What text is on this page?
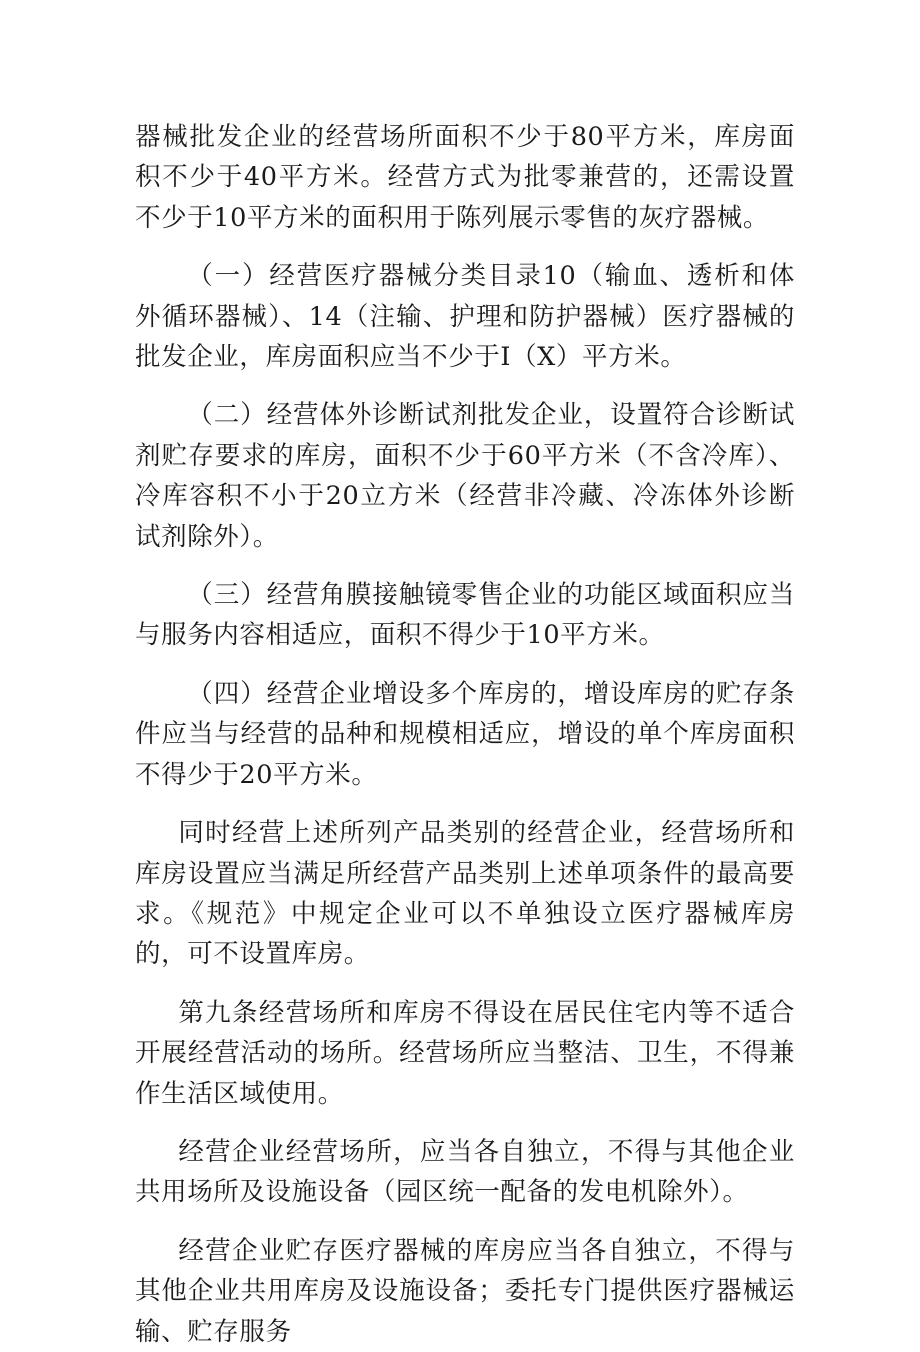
器械批发企业的经营场所面积不少于80平方米，库房面积不少于40平方米。经营方式为批零兼营的，还需设置不少于10平方米的面积用于陈列展示零售的灰疗器械。

（一）经营医疗器械分类目录10（输血、透析和体外循环器械）、14（注输、护理和防护器械）医疗器械的批发企业，库房面积应当不少于I（X）平方米。

（二）经营体外诊断试剂批发企业，设置符合诊断试剂贮存要求的库房，面积不少于60平方米（不含冷库）、冷库容积不小于20立方米（经营非冷藏、冷冻体外诊断试剂除外）。

（三）经营角膜接触镜零售企业的功能区域面积应当与服务内容相适应，面积不得少于10平方米。

（四）经营企业增设多个库房的，增设库房的贮存条件应当与经营的品种和规模相适应，增设的单个库房面积不得少于20平方米。

同时经营上述所列产品类别的经营企业，经营场所和库房设置应当满足所经营产品类别上述单项条件的最高要求。《规范》中规定企业可以不单独设立医疗器械库房的，可不设置库房。

第九条经营场所和库房不得设在居民住宅内等不适合开展经营活动的场所。经营场所应当整洁、卫生，不得兼作生活区域使用。

经营企业经营场所，应当各自独立，不得与其他企业共用场所及设施设备（园区统一配备的发电机除外）。

经营企业贮存医疗器械的库房应当各自独立，不得与其他企业共用库房及设施设备；委托专门提供医疗器械运输、贮存服务
